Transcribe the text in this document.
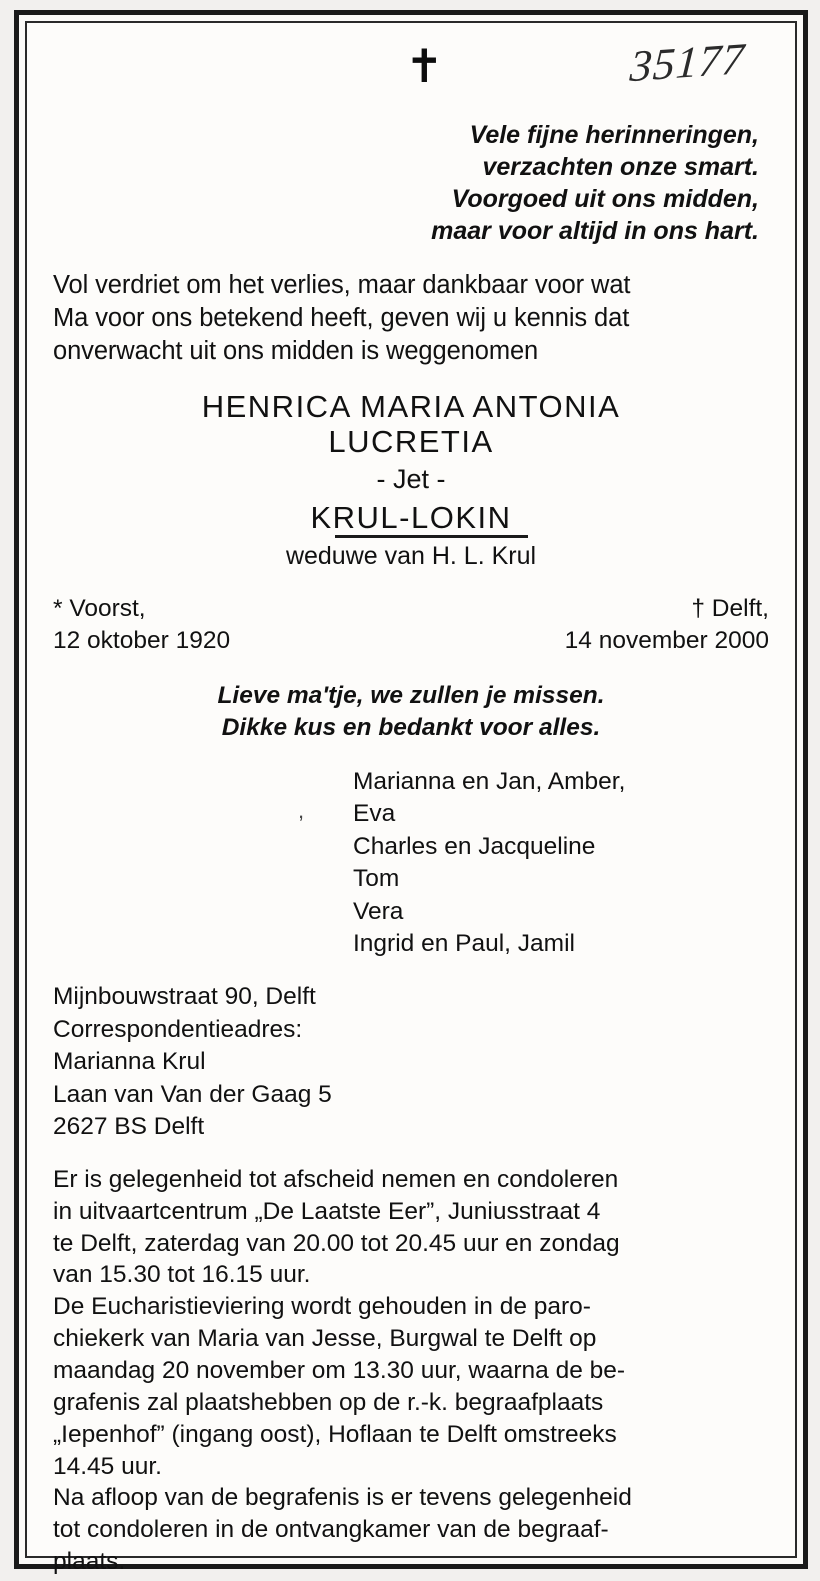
✝	35177
Vele fijne herinneringen,
verzachten onze smart.
Voorgoed uit ons midden,
maar voor altijd in ons hart.
Vol verdriet om het verlies, maar dankbaar voor wat
Ma voor ons betekend heeft, geven wij u kennis dat
onverwacht uit ons midden is weggenomen
HENRICA MARIA ANTONIA
LUCRETIA
- Jet -
KRUL-LOKIN
weduwe van H. L. Krul
* Voorst,
12 oktober 1920
† Delft,
14 november 2000
Lieve ma'tje, we zullen je missen.
Dikke kus en bedankt voor alles.
,
Marianna en Jan, Amber,
Eva
Charles en Jacqueline
Tom
Vera
Ingrid en Paul, Jamil
Mijnbouwstraat 90, Delft
Correspondentieadres:
Marianna Krul
Laan van Van der Gaag 5
2627 BS Delft

Er is gelegenheid tot afscheid nemen en condoleren
in uitvaartcentrum „De Laatste Eer”, Juniusstraat 4
te Delft, zaterdag van 20.00 tot 20.45 uur en zondag
van 15.30 tot 16.15 uur.

De Eucharistieviering wordt gehouden in de paro-
chiekerk van Maria van Jesse, Burgwal te Delft op
maandag 20 november om 13.30 uur, waarna de be-
grafenis zal plaatshebben op de r.-k. begraafplaats
„Iepenhof” (ingang oost), Hoflaan te Delft omstreeks
14.45 uur.

Na afloop van de begrafenis is er tevens gelegenheid
tot condoleren in de ontvangkamer van de begraaf-
plaats.
